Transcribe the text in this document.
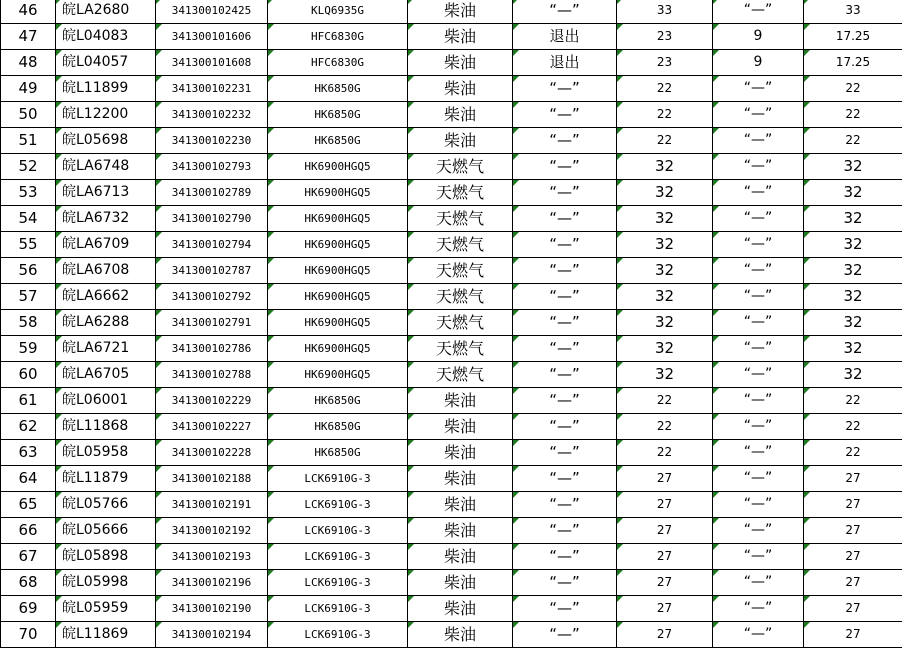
46	皖LA2680	341300102425	KLQ6935G	柴油	“—”	33	“—”	33
47	皖L04083	341300101606	HFC6830G	柴油	退出	23	9	17.25
48	皖L04057	341300101608	HFC6830G	柴油	退出	23	9	17.25
49	皖L11899	341300102231	HK6850G	柴油	“—”	22	“—”	22
50	皖L12200	341300102232	HK6850G	柴油	“—”	22	“—”	22
51	皖L05698	341300102230	HK6850G	柴油	“—”	22	“—”	22
52	皖LA6748	341300102793	HK6900HGQ5	天燃气	“—”	32	“—”	32
53	皖LA6713	341300102789	HK6900HGQ5	天燃气	“—”	32	“—”	32
54	皖LA6732	341300102790	HK6900HGQ5	天燃气	“—”	32	“—”	32
55	皖LA6709	341300102794	HK6900HGQ5	天燃气	“—”	32	“—”	32
56	皖LA6708	341300102787	HK6900HGQ5	天燃气	“—”	32	“—”	32
57	皖LA6662	341300102792	HK6900HGQ5	天燃气	“—”	32	“—”	32
58	皖LA6288	341300102791	HK6900HGQ5	天燃气	“—”	32	“—”	32
59	皖LA6721	341300102786	HK6900HGQ5	天燃气	“—”	32	“—”	32
60	皖LA6705	341300102788	HK6900HGQ5	天燃气	“—”	32	“—”	32
61	皖L06001	341300102229	HK6850G	柴油	“—”	22	“—”	22
62	皖L11868	341300102227	HK6850G	柴油	“—”	22	“—”	22
63	皖L05958	341300102228	HK6850G	柴油	“—”	22	“—”	22
64	皖L11879	341300102188	LCK6910G-3	柴油	“—”	27	“—”	27
65	皖L05766	341300102191	LCK6910G-3	柴油	“—”	27	“—”	27
66	皖L05666	341300102192	LCK6910G-3	柴油	“—”	27	“—”	27
67	皖L05898	341300102193	LCK6910G-3	柴油	“—”	27	“—”	27
68	皖L05998	341300102196	LCK6910G-3	柴油	“—”	27	“—”	27
69	皖L05959	341300102190	LCK6910G-3	柴油	“—”	27	“—”	27
70	皖L11869	341300102194	LCK6910G-3	柴油	“—”	27	“—”	27
